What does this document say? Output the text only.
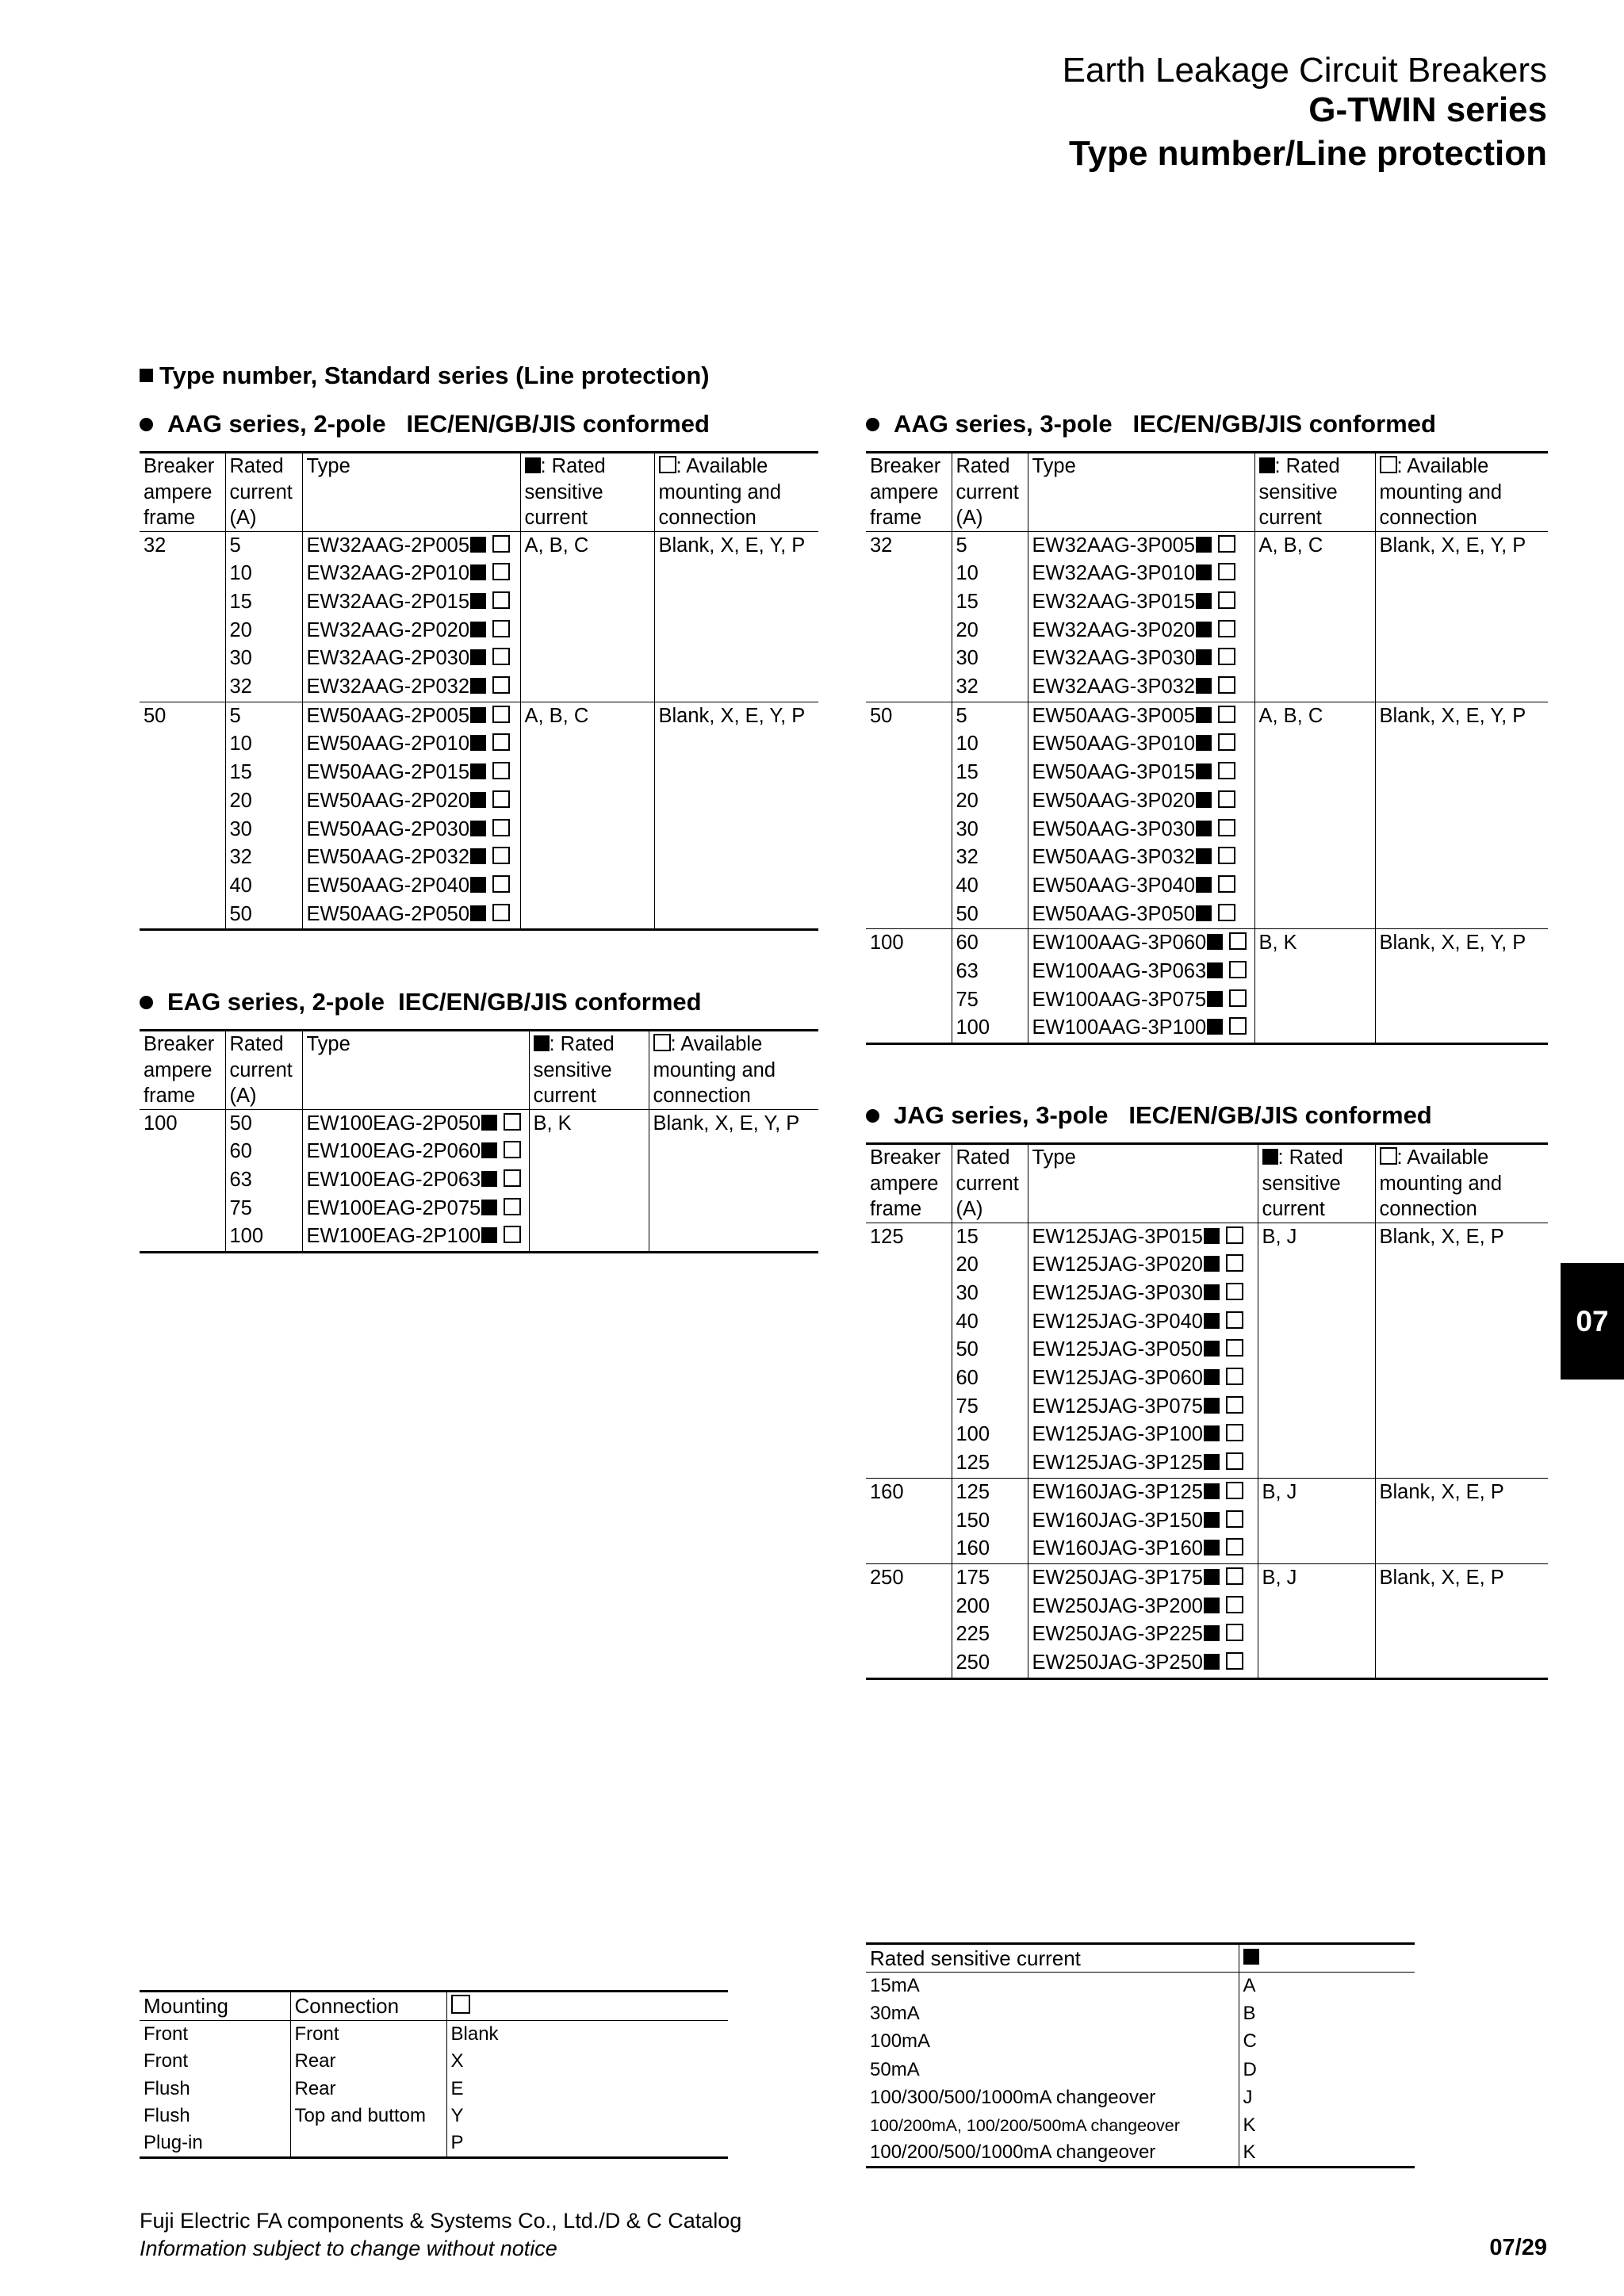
Earth Leakage Circuit Breakers
G-TWIN series
Type number/Line protection
Type number, Standard series (Line protection)
AAG series, 2-pole   IEC/EN/GB/JIS conformed
EAG series, 2-pole  IEC/EN/GB/JIS conformed
AAG series, 3-pole   IEC/EN/GB/JIS conformed
JAG series, 3-pole   IEC/EN/GB/JIS conformed
Breaker ampere frame	Rated current (A)	Type	: Rated sensitive current	: Available mounting and connection
32	5	EW32AAG-2P005	A, B, C	Blank, X, E, Y, P
	10	EW32AAG-2P010		
	15	EW32AAG-2P015		
	20	EW32AAG-2P020		
	30	EW32AAG-2P030		
	32	EW32AAG-2P032		
50	5	EW50AAG-2P005	A, B, C	Blank, X, E, Y, P
	10	EW50AAG-2P010		
	15	EW50AAG-2P015		
	20	EW50AAG-2P020		
	30	EW50AAG-2P030		
	32	EW50AAG-2P032		
	40	EW50AAG-2P040		
	50	EW50AAG-2P050		
Breaker ampere frame	Rated current (A)	Type	: Rated sensitive current	: Available mounting and connection
100	50	EW100EAG-2P050	B, K	Blank, X, E, Y, P
	60	EW100EAG-2P060		
	63	EW100EAG-2P063		
	75	EW100EAG-2P075		
	100	EW100EAG-2P100		
Breaker ampere frame	Rated current (A)	Type	: Rated sensitive current	: Available mounting and connection
32	5	EW32AAG-3P005	A, B, C	Blank, X, E, Y, P
	10	EW32AAG-3P010		
	15	EW32AAG-3P015		
	20	EW32AAG-3P020		
	30	EW32AAG-3P030		
	32	EW32AAG-3P032		
50	5	EW50AAG-3P005	A, B, C	Blank, X, E, Y, P
	10	EW50AAG-3P010		
	15	EW50AAG-3P015		
	20	EW50AAG-3P020		
	30	EW50AAG-3P030		
	32	EW50AAG-3P032		
	40	EW50AAG-3P040		
	50	EW50AAG-3P050		
100	60	EW100AAG-3P060	B, K	Blank, X, E, Y, P
	63	EW100AAG-3P063		
	75	EW100AAG-3P075		
	100	EW100AAG-3P100		
Breaker ampere frame	Rated current (A)	Type	: Rated sensitive current	: Available mounting and connection
125	15	EW125JAG-3P015	B, J	Blank, X, E, P
	20	EW125JAG-3P020		
	30	EW125JAG-3P030		
	40	EW125JAG-3P040		
	50	EW125JAG-3P050		
	60	EW125JAG-3P060		
	75	EW125JAG-3P075		
	100	EW125JAG-3P100		
	125	EW125JAG-3P125		
160	125	EW160JAG-3P125	B, J	Blank, X, E, P
	150	EW160JAG-3P150		
	160	EW160JAG-3P160		
250	175	EW250JAG-3P175	B, J	Blank, X, E, P
	200	EW250JAG-3P200		
	225	EW250JAG-3P225		
	250	EW250JAG-3P250		
07
Mounting	Connection	
Front	Front	Blank
Front	Rear	X
Flush	Rear	E
Flush	Top and buttom	Y
Plug-in		P
Rated sensitive current	
15mA	A
30mA	B
100mA	C
50mA	D
100/300/500/1000mA changeover	J
100/200mA, 100/200/500mA changeover	K
100/200/500/1000mA changeover	K
Fuji Electric FA components & Systems Co., Ltd./D & C Catalog
Information subject to change without notice	07/29
